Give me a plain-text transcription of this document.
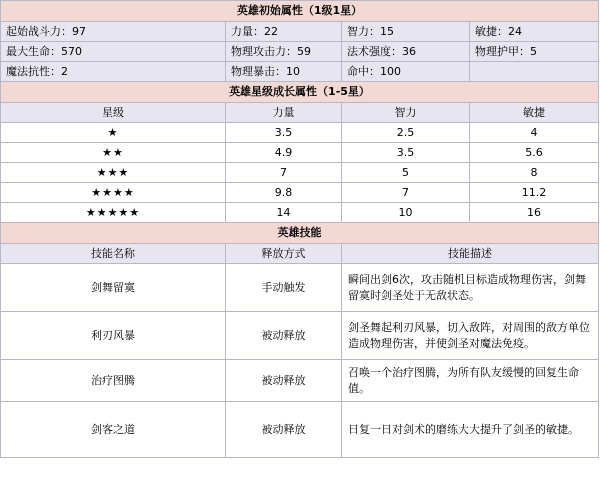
英雄初始属性（1级1星）			
起始战斗力：97	力量：22	智力：15	敏捷：24
最大生命：570	物理攻击力：59	法术强度：36	物理护甲：5
魔法抗性：2	物理暴击：10	命中：100	
英雄星级成长属性（1-5星）			
星级	力量	智力	敏捷
★	3.5	2.5	4
★★	4.9	3.5	5.6
★★★	7	5	8
★★★★	9.8	7	11.2
★★★★★	14	10	16
英雄技能			
技能名称	释放方式	技能描述	
剑舞留寞	手动触发	瞬间出剑6次，攻击随机目标造成物理伤害，剑舞留寞时剑圣处于无敌状态。	
利刃风暴	被动释放	剑圣舞起利刃风暴，切入敌阵，对周围的敌方单位造成物理伤害，并使剑圣对魔法免疫。	
治疗图腾	被动释放	召唤一个治疗图腾，为所有队友缓慢的回复生命值。	
剑客之道	被动释放	日复一日对剑术的磨练大大提升了剑圣的敏捷。	
